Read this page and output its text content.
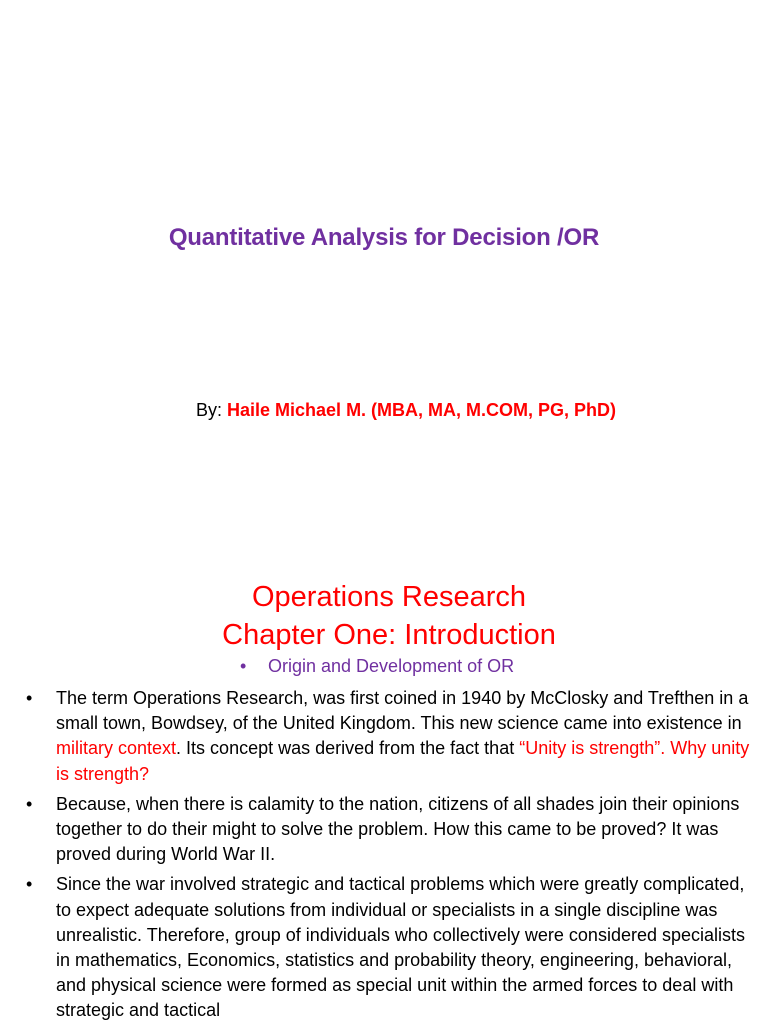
Quantitative Analysis for Decision /OR
By: Haile Michael M. (MBA, MA, M.COM, PG, PhD)
Operations Research
Chapter One: Introduction
• Origin and Development of OR
• The term Operations Research, was first coined in 1940 by McClosky and Trefthen in a small town, Bowdsey, of the United Kingdom. This new science came into existence in military context. Its concept was derived from the fact that “Unity is strength”. Why unity is strength?
• Because, when there is calamity to the nation, citizens of all shades join their opinions together to do their might to solve the problem. How this came to be proved? It was proved during World War II.
• Since the war involved strategic and tactical problems which were greatly complicated, to expect adequate solutions from individual or specialists in a single discipline was unrealistic. Therefore, group of individuals who collectively were considered specialists in mathematics, Economics, statistics and probability theory, engineering, behavioral, and physical science were formed as special unit within the armed forces to deal with strategic and tactical
